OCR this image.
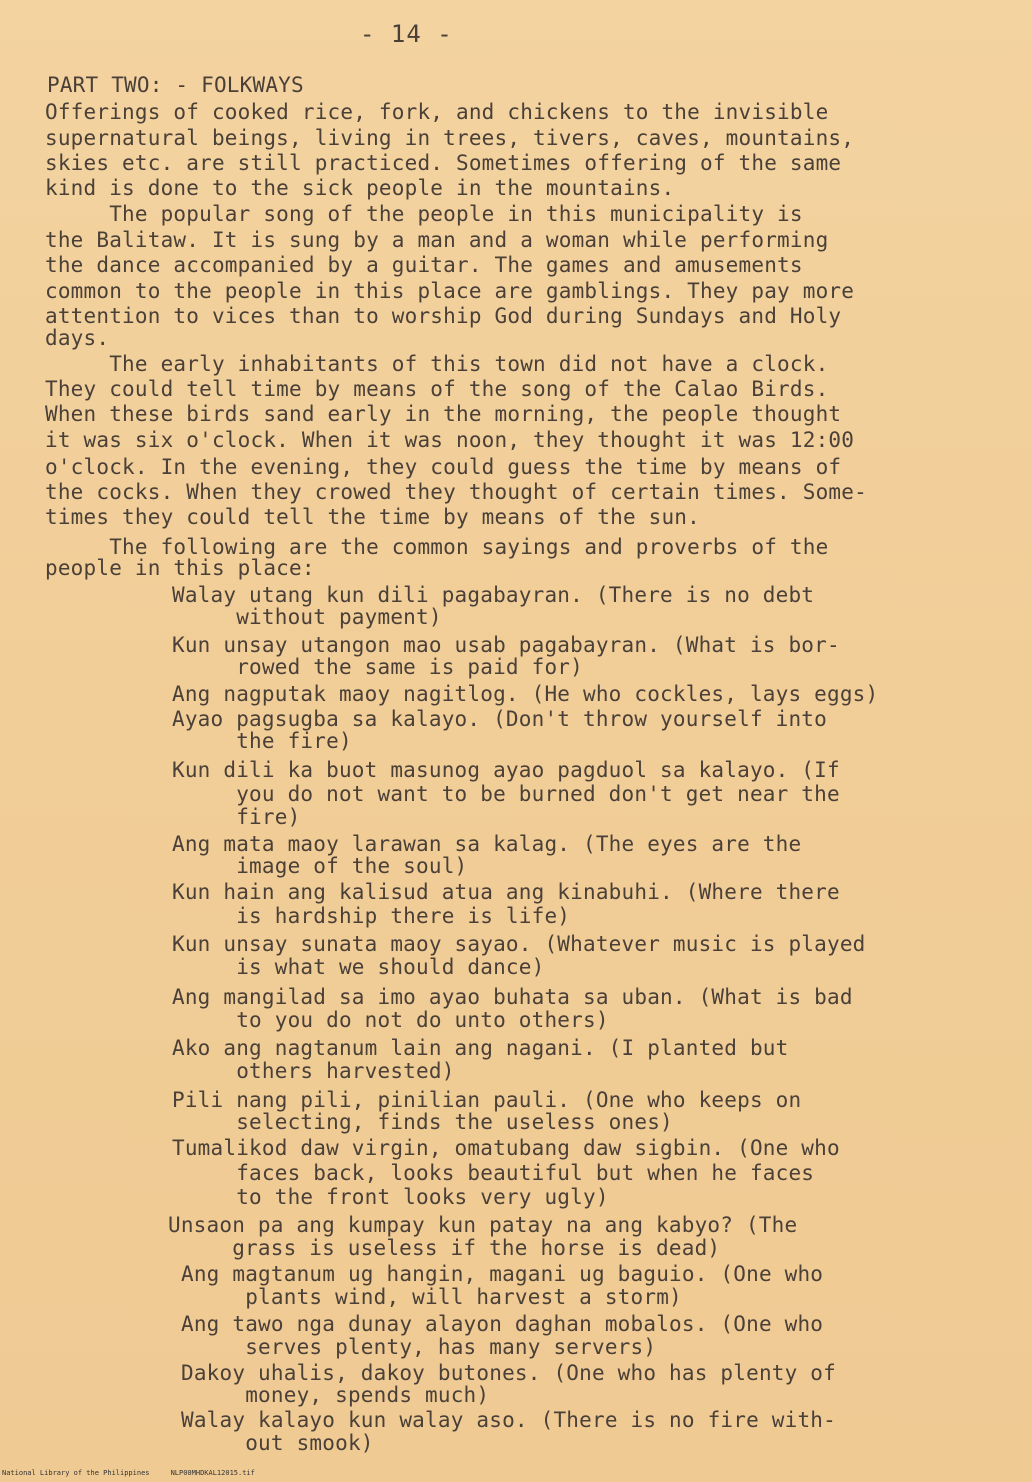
- 14 -
PART TWO: - FOLKWAYS
Offerings of cooked rice, fork, and chickens to the invisible
supernatural beings, living in trees, tivers, caves, mountains,
skies etc. are still practiced. Sometimes offering of the same
kind is done to the sick people in the mountains.
The popular song of the people in this municipality is
the Balitaw. It is sung by a man and a woman while performing
the dance accompanied by a guitar. The games and amusements
common to the people in this place are gamblings. They pay more
attention to vices than to worship God during Sundays and Holy
days.
The early inhabitants of this town did not have a clock.
They could tell time by means of the song of the Calao Birds.
When these birds sand early in the morning, the people thought
it was six o'clock. When it was noon, they thought it was 12:00
o'clock. In the evening, they could guess the time by means of
the cocks. When they crowed they thought of certain times. Some-
times they could tell the time by means of the sun.
The following are the common sayings and proverbs of the
people in this place:
Walay utang kun dili pagabayran. (There is no debt
without payment)
Kun unsay utangon mao usab pagabayran. (What is bor-
rowed the same is paid for)
Ang nagputak maoy nagitlog. (He who cockles, lays eggs)
Ayao pagsugba sa kalayo. (Don't throw yourself into
the fire)
Kun dili ka buot masunog ayao pagduol sa kalayo. (If
you do not want to be burned don't get near the
fire)
Ang mata maoy larawan sa kalag. (The eyes are the
image of the soul)
Kun hain ang kalisud atua ang kinabuhi. (Where there
is hardship there is life)
Kun unsay sunata maoy sayao. (Whatever music is played
is what we should dance)
Ang mangilad sa imo ayao buhata sa uban. (What is bad
to you do not do unto others)
Ako ang nagtanum lain ang nagani. (I planted but
others harvested)
Pili nang pili, pinilian pauli. (One who keeps on
selecting, finds the useless ones)
Tumalikod daw virgin, omatubang daw sigbin. (One who
faces back, looks beautiful but when he faces
to the front looks very ugly)
Unsaon pa ang kumpay kun patay na ang kabyo? (The
grass is useless if the horse is dead)
Ang magtanum ug hangin, magani ug baguio. (One who
plants wind, will harvest a storm)
Ang tawo nga dunay alayon daghan mobalos. (One who
serves plenty, has many servers)
Dakoy uhalis, dakoy butones. (One who has plenty of
money, spends much)
Walay kalayo kun walay aso. (There is no fire with-
out smook)
National Library of the Philippines     NLP00MHDKAL12015.tif
